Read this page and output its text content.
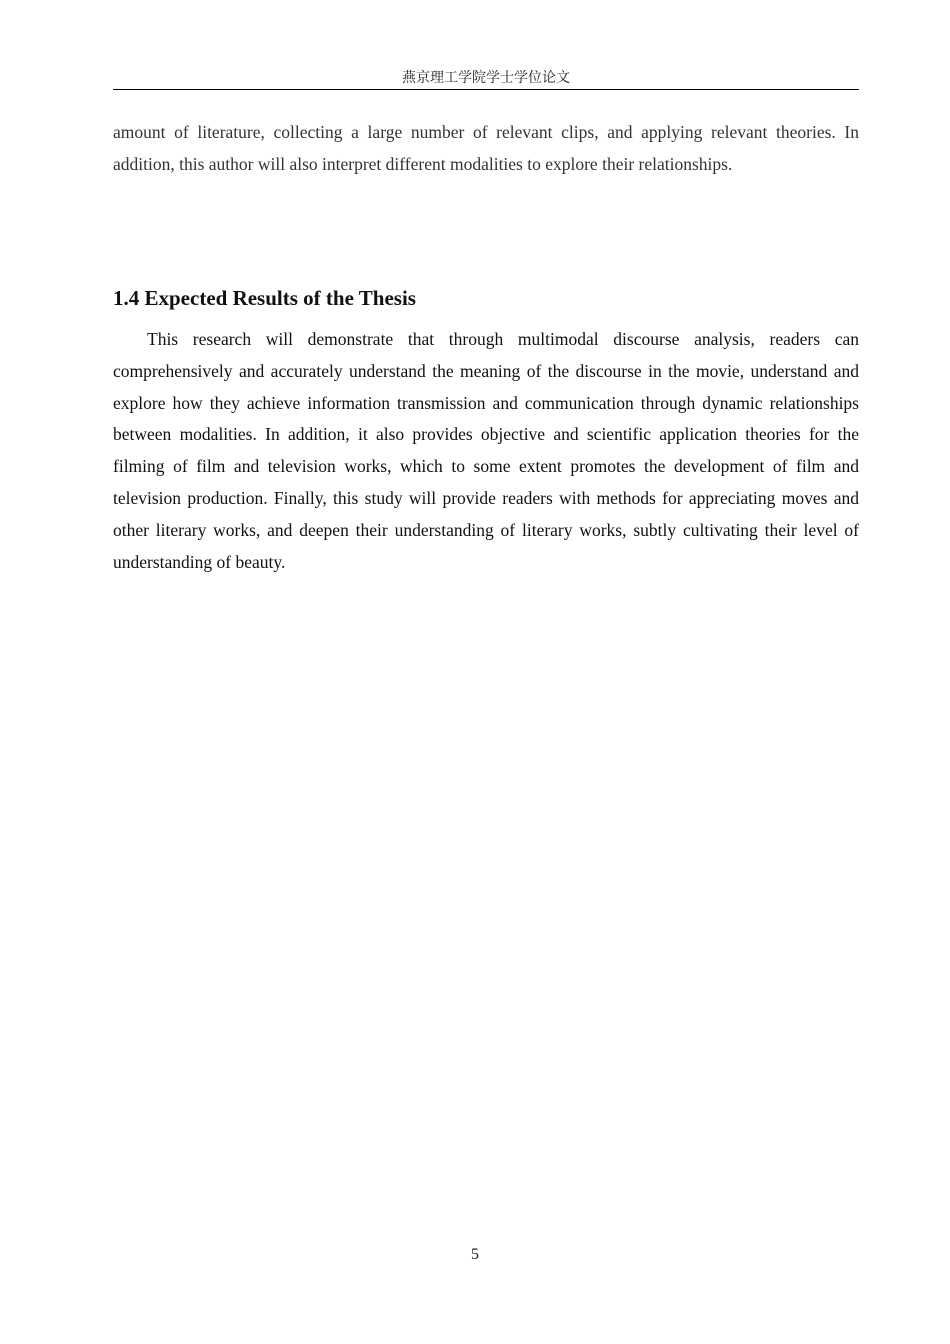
燕京理工学院学士学位论文

amount of literature, collecting a large number of relevant clips, and applying relevant theories. In addition, this author will also interpret different modalities to explore their relationships.

1.4 Expected Results of the Thesis

This research will demonstrate that through multimodal discourse analysis, readers can comprehensively and accurately understand the meaning of the discourse in the movie, understand and explore how they achieve information transmission and communication through dynamic relationships between modalities. In addition, it also provides objective and scientific application theories for the filming of film and television works, which to some extent promotes the development of film and television production. Finally, this study will provide readers with methods for appreciating moves and other literary works, and deepen their understanding of literary works, subtly cultivating their level of understanding of beauty.

5
